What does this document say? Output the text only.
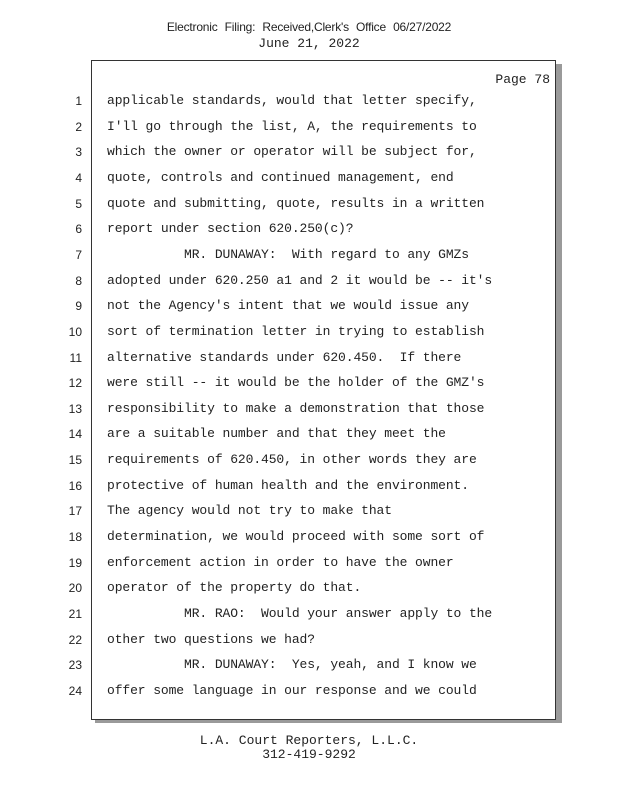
Electronic Filing: Received,Clerk's Office 06/27/2022
June 21, 2022
Page 78
1 applicable standards, would that letter specify,
2 I'll go through the list, A, the requirements to
3 which the owner or operator will be subject for,
4 quote, controls and continued management, end
5 quote and submitting, quote, results in a written
6 report under section 620.250(c)?
7 MR. DUNAWAY:  With regard to any GMZs
8 adopted under 620.250 a1 and 2 it would be -- it's
9 not the Agency's intent that we would issue any
10 sort of termination letter in trying to establish
11 alternative standards under 620.450.  If there
12 were still -- it would be the holder of the GMZ's
13 responsibility to make a demonstration that those
14 are a suitable number and that they meet the
15 requirements of 620.450, in other words they are
16 protective of human health and the environment.
17 The agency would not try to make that
18 determination, we would proceed with some sort of
19 enforcement action in order to have the owner
20 operator of the property do that.
21 MR. RAO:  Would your answer apply to the
22 other two questions we had?
23 MR. DUNAWAY:  Yes, yeah, and I know we
24 offer some language in our response and we could
L.A. Court Reporters, L.L.C.
312-419-9292
